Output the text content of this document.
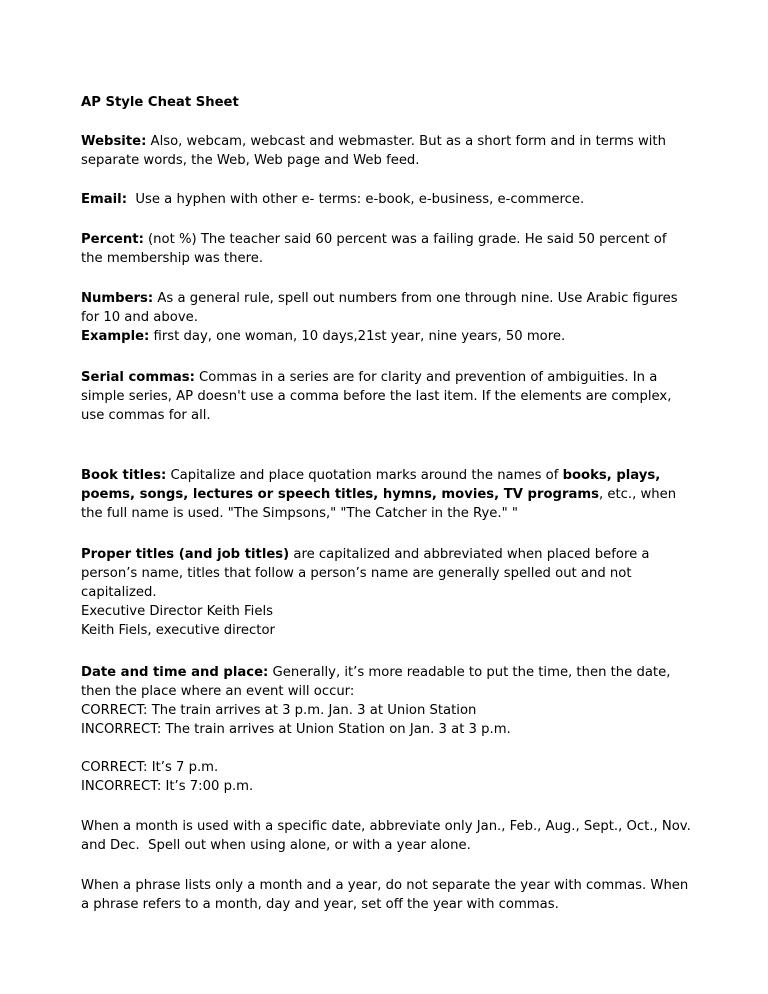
AP Style Cheat Sheet

Website: Also, webcam, webcast and webmaster. But as a short form and in terms with separate words, the Web, Web page and Web feed.

Email:  Use a hyphen with other e- terms: e-book, e-business, e-commerce.

Percent: (not %) The teacher said 60 percent was a failing grade. He said 50 percent of the membership was there.

Numbers: As a general rule, spell out numbers from one through nine. Use Arabic figures for 10 and above.
Example: first day, one woman, 10 days,21st year, nine years, 50 more.

Serial commas: Commas in a series are for clarity and prevention of ambiguities. In a simple series, AP doesn't use a comma before the last item. If the elements are complex, use commas for all.

Book titles: Capitalize and place quotation marks around the names of books, plays, poems, songs, lectures or speech titles, hymns, movies, TV programs, etc., when the full name is used. "The Simpsons," "The Catcher in the Rye." "

Proper titles (and job titles) are capitalized and abbreviated when placed before a person’s name, titles that follow a person’s name are generally spelled out and not capitalized.
Executive Director Keith Fiels
Keith Fiels, executive director

Date and time and place: Generally, it’s more readable to put the time, then the date, then the place where an event will occur:
CORRECT: The train arrives at 3 p.m. Jan. 3 at Union Station
INCORRECT: The train arrives at Union Station on Jan. 3 at 3 p.m.

CORRECT: It’s 7 p.m.
INCORRECT: It’s 7:00 p.m.

When a month is used with a specific date, abbreviate only Jan., Feb., Aug., Sept., Oct., Nov. and Dec.  Spell out when using alone, or with a year alone.

When a phrase lists only a month and a year, do not separate the year with commas. When a phrase refers to a month, day and year, set off the year with commas.
